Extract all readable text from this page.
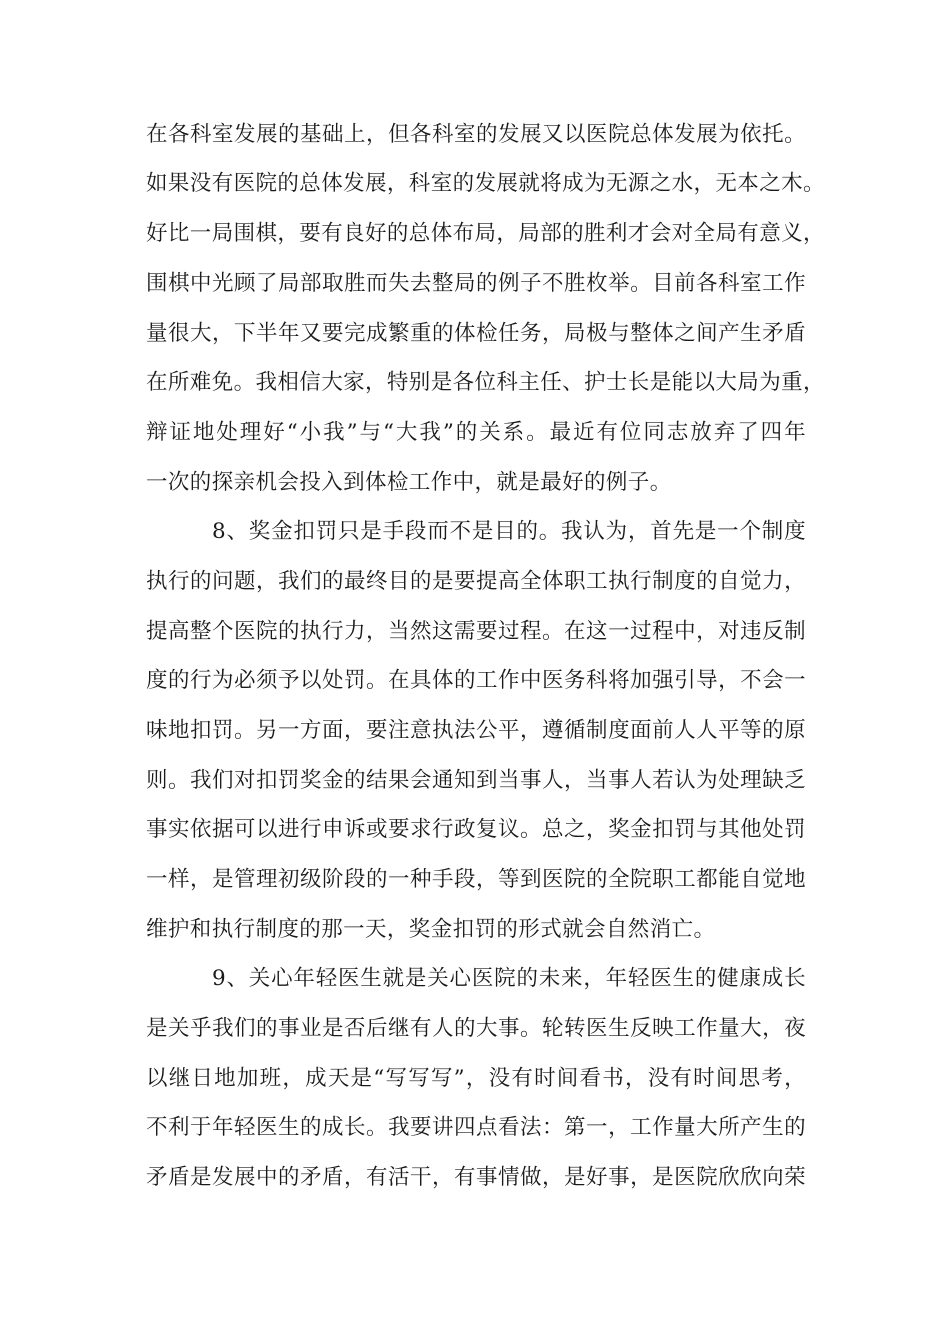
在各科室发展的基础上，但各科室的发展又以医院总体发展为依托。
如果没有医院的总体发展，科室的发展就将成为无源之水，无本之木。
好比一局围棋，要有良好的总体布局，局部的胜利才会对全局有意义，
围棋中光顾了局部取胜而失去整局的例子不胜枚举。目前各科室工作
量很大，下半年又要完成繁重的体检任务，局极与整体之间产生矛盾
在所难免。我相信大家，特别是各位科主任、护士长是能以大局为重，
辩证地处理好“小我”与“大我”的关系。最近有位同志放弃了四年
一次的探亲机会投入到体检工作中，就是最好的例子。
8、奖金扣罚只是手段而不是目的。我认为，首先是一个制度
执行的问题，我们的最终目的是要提高全体职工执行制度的自觉力，
提高整个医院的执行力，当然这需要过程。在这一过程中，对违反制
度的行为必须予以处罚。在具体的工作中医务科将加强引导，不会一
味地扣罚。另一方面，要注意执法公平，遵循制度面前人人平等的原
则。我们对扣罚奖金的结果会通知到当事人，当事人若认为处理缺乏
事实依据可以进行申诉或要求行政复议。总之，奖金扣罚与其他处罚
一样，是管理初级阶段的一种手段，等到医院的全院职工都能自觉地
维护和执行制度的那一天，奖金扣罚的形式就会自然消亡。
9、关心年轻医生就是关心医院的未来，年轻医生的健康成长
是关乎我们的事业是否后继有人的大事。轮转医生反映工作量大，夜
以继日地加班，成天是“写写写”，没有时间看书，没有时间思考，
不利于年轻医生的成长。我要讲四点看法：第一，工作量大所产生的
矛盾是发展中的矛盾，有活干，有事情做，是好事，是医院欣欣向荣
